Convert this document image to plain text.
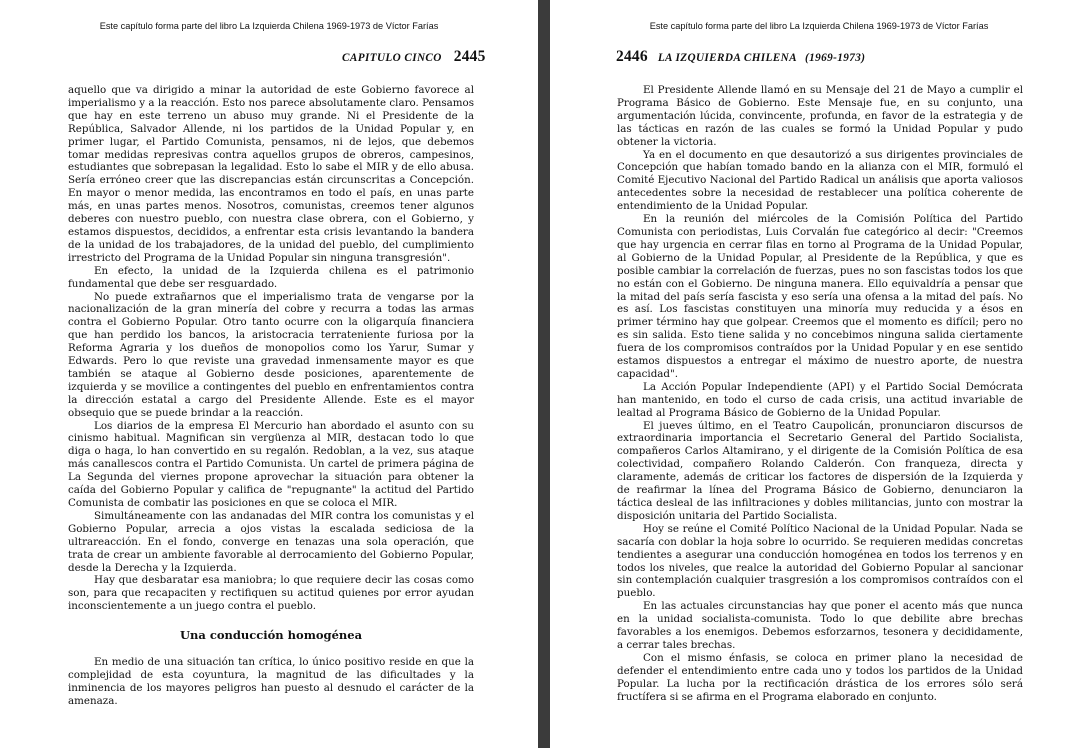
Este capítulo forma parte del libro La Izquierda Chilena 1969-1973 de Víctor Farías
CAPITULO CINCO 2445

aquello que va dirigido a minar la autoridad de este Gobierno favorece al imperialismo y a la reacción. Esto nos parece absolutamente claro. Pensamos que hay en este terreno un abuso muy grande. Ni el Presidente de la República, Salvador Allende, ni los partidos de la Unidad Popular y, en primer lugar, el Partido Comunista, pensamos, ni de lejos, que debemos tomar medidas represivas contra aquellos grupos de obreros, campesinos, estudiantes que sobrepasan la legalidad. Esto lo sabe el MIR y de ello abusa. Sería erróneo creer que las discrepancias están circunscritas a Concepción. En mayor o menor medida, las encontramos en todo el país, en unas parte más, en unas partes menos. Nosotros, comunistas, creemos tener algunos deberes con nuestro pueblo, con nuestra clase obrera, con el Gobierno, y estamos dispuestos, decididos, a enfrentar esta crisis levantando la bandera de la unidad de los trabajadores, de la unidad del pueblo, del cumplimiento irrestricto del Programa de la Unidad Popular sin ninguna transgresión".

En efecto, la unidad de la Izquierda chilena es el patrimonio fundamental que debe ser resguardado.

No puede extrañarnos que el imperialismo trata de vengarse por la nacionalización de la gran minería del cobre y recurra a todas las armas contra el Gobierno Popular. Otro tanto ocurre con la oligarquía financiera que han perdido los bancos, la aristocracia terrateniente furiosa por la Reforma Agraria y los dueños de monopolios como los Yarur, Sumar y Edwards. Pero lo que reviste una gravedad inmensamente mayor es que también se ataque al Gobierno desde posiciones, aparentemente de izquierda y se movilice a contingentes del pueblo en enfrentamientos contra la dirección estatal a cargo del Presidente Allende. Este es el mayor obsequio que se puede brindar a la reacción.

Los diarios de la empresa El Mercurio han abordado el asunto con su cinismo habitual. Magnifican sin vergüenza al MIR, destacan todo lo que diga o haga, lo han convertido en su regalón. Redoblan, a la vez, sus ataque más canallescos contra el Partido Comunista. Un cartel de primera página de La Segunda del viernes propone aprovechar la situación para obtener la caída del Gobierno Popular y califica de "repugnante" la actitud del Partido Comunista de combatir las posiciones en que se coloca el MIR.

Simultáneamente con las andanadas del MIR contra los comunistas y el Gobierno Popular, arrecia a ojos vistas la escalada sediciosa de la ultrareacción. En el fondo, converge en tenazas una sola operación, que trata de crear un ambiente favorable al derrocamiento del Gobierno Popular, desde la Derecha y la Izquierda.

Hay que desbaratar esa maniobra; lo que requiere decir las cosas como son, para que recapaciten y rectifiquen su actitud quienes por error ayudan inconscientemente a un juego contra el pueblo.

Una conducción homogénea

En medio de una situación tan crítica, lo único positivo reside en que la complejidad de esta coyuntura, la magnitud de las dificultades y la inminencia de los mayores peligros han puesto al desnudo el carácter de la amenaza.

Este capítulo forma parte del libro La Izquierda Chilena 1969-1973 de Víctor Farías
2446 LA IZQUIERDA CHILENA (1969-1973)

El Presidente Allende llamó en su Mensaje del 21 de Mayo a cumplir el Programa Básico de Gobierno. Este Mensaje fue, en su conjunto, una argumentación lúcida, convincente, profunda, en favor de la estrategia y de las tácticas en razón de las cuales se formó la Unidad Popular y pudo obtener la victoria.

Ya en el documento en que desautorizó a sus dirigentes provinciales de Concepción que habían tomado bando en la alianza con el MIR, formuló el Comité Ejecutivo Nacional del Partido Radical un análisis que aporta valiosos antecedentes sobre la necesidad de restablecer una política coherente de entendimiento de la Unidad Popular.

En la reunión del miércoles de la Comisión Política del Partido Comunista con periodistas, Luis Corvalán fue categórico al decir: "Creemos que hay urgencia en cerrar filas en torno al Programa de la Unidad Popular, al Gobierno de la Unidad Popular, al Presidente de la República, y que es posible cambiar la correlación de fuerzas, pues no son fascistas todos los que no están con el Gobierno. De ninguna manera. Ello equivaldría a pensar que la mitad del país sería fascista y eso sería una ofensa a la mitad del país. No es así. Los fascistas constituyen una minoría muy reducida y a ésos en primer término hay que golpear. Creemos que el momento es difícil; pero no es sin salida. Esto tiene salida y no concebimos ninguna salida ciertamente fuera de los compromisos contraídos por la Unidad Popular y en ese sentido estamos dispuestos a entregar el máximo de nuestro aporte, de nuestra capacidad".

La Acción Popular Independiente (API) y el Partido Social Demócrata han mantenido, en todo el curso de cada crisis, una actitud invariable de lealtad al Programa Básico de Gobierno de la Unidad Popular.

El jueves último, en el Teatro Caupolicán, pronunciaron discursos de extraordinaria importancia el Secretario General del Partido Socialista, compañeros Carlos Altamirano, y el dirigente de la Comisión Política de esa colectividad, compañero Rolando Calderón. Con franqueza, directa y claramente, además de criticar los factores de dispersión de la Izquierda y de reafirmar la línea del Programa Básico de Gobierno, denunciaron la táctica desleal de las infiltraciones y dobles militancias, junto con mostrar la disposición unitaria del Partido Socialista.

Hoy se reúne el Comité Político Nacional de la Unidad Popular. Nada se sacaría con doblar la hoja sobre lo ocurrido. Se requieren medidas concretas tendientes a asegurar una conducción homogénea en todos los terrenos y en todos los niveles, que realce la autoridad del Gobierno Popular al sancionar sin contemplación cualquier trasgresión a los compromisos contraídos con el pueblo.

En las actuales circunstancias hay que poner el acento más que nunca en la unidad socialista-comunista. Todo lo que debilite abre brechas favorables a los enemigos. Debemos esforzarnos, tesonera y decididamente, a cerrar tales brechas.

Con el mismo énfasis, se coloca en primer plano la necesidad de defender el entendimiento entre cada uno y todos los partidos de la Unidad Popular. La lucha por la rectificación drástica de los errores sólo será fructífera si se afirma en el Programa elaborado en conjunto.
